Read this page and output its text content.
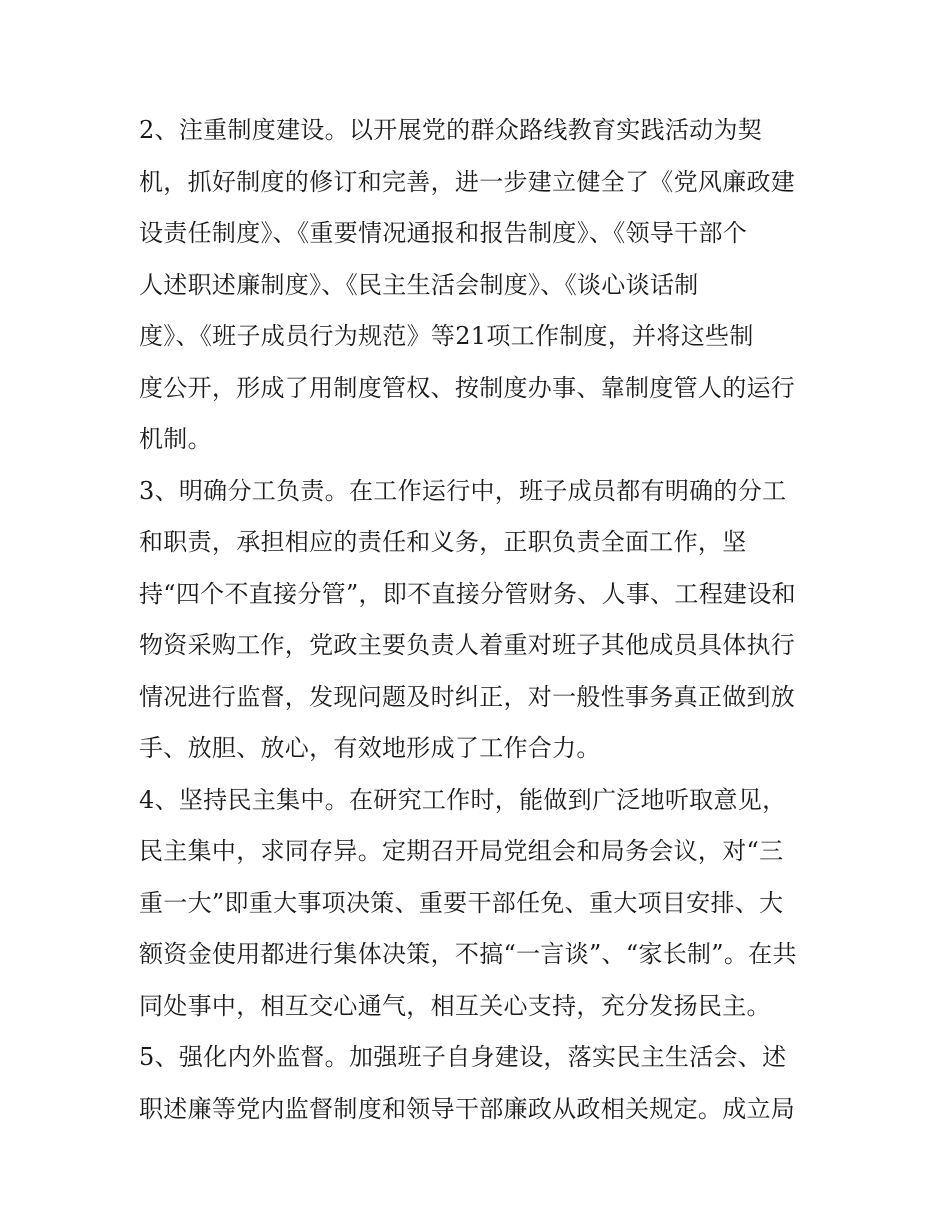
2、注重制度建设。以开展党的群众路线教育实践活动为契
机，抓好制度的修订和完善，进一步建立健全了《党风廉政建
设责任制度》、《重要情况通报和报告制度》、《领导干部个
人述职述廉制度》、《民主生活会制度》、《谈心谈话制
度》、《班子成员行为规范》等21项工作制度，并将这些制
度公开，形成了用制度管权、按制度办事、靠制度管人的运行
机制。
3、明确分工负责。在工作运行中，班子成员都有明确的分工
和职责，承担相应的责任和义务，正职负责全面工作，坚
持“四个不直接分管”，即不直接分管财务、人事、工程建设和
物资采购工作，党政主要负责人着重对班子其他成员具体执行
情况进行监督，发现问题及时纠正，对一般性事务真正做到放
手、放胆、放心，有效地形成了工作合力。
4、坚持民主集中。在研究工作时，能做到广泛地听取意见，
民主集中，求同存异。定期召开局党组会和局务会议，对“三
重一大”即重大事项决策、重要干部任免、重大项目安排、大
额资金使用都进行集体决策，不搞“一言谈”、“家长制”。在共
同处事中，相互交心通气，相互关心支持，充分发扬民主。
5、强化内外监督。加强班子自身建设，落实民主生活会、述
职述廉等党内监督制度和领导干部廉政从政相关规定。成立局
